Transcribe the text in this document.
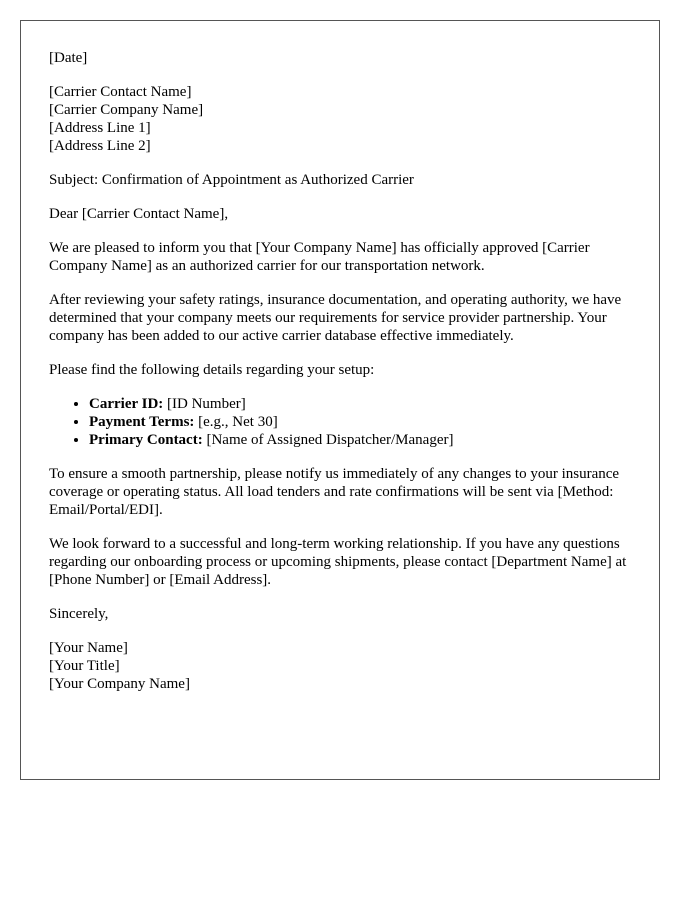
[Date]

[Carrier Contact Name]
[Carrier Company Name]
[Address Line 1]
[Address Line 2]

Subject: Confirmation of Appointment as Authorized Carrier

Dear [Carrier Contact Name],

We are pleased to inform you that [Your Company Name] has officially approved [Carrier Company Name] as an authorized carrier for our transportation network.

After reviewing your safety ratings, insurance documentation, and operating authority, we have determined that your company meets our requirements for service provider partnership. Your company has been added to our active carrier database effective immediately.

Please find the following details regarding your setup:

• Carrier ID: [ID Number]
• Payment Terms: [e.g., Net 30]
• Primary Contact: [Name of Assigned Dispatcher/Manager]

To ensure a smooth partnership, please notify us immediately of any changes to your insurance coverage or operating status. All load tenders and rate confirmations will be sent via [Method: Email/Portal/EDI].

We look forward to a successful and long-term working relationship. If you have any questions regarding our onboarding process or upcoming shipments, please contact [Department Name] at [Phone Number] or [Email Address].

Sincerely,

[Your Name]
[Your Title]
[Your Company Name]
